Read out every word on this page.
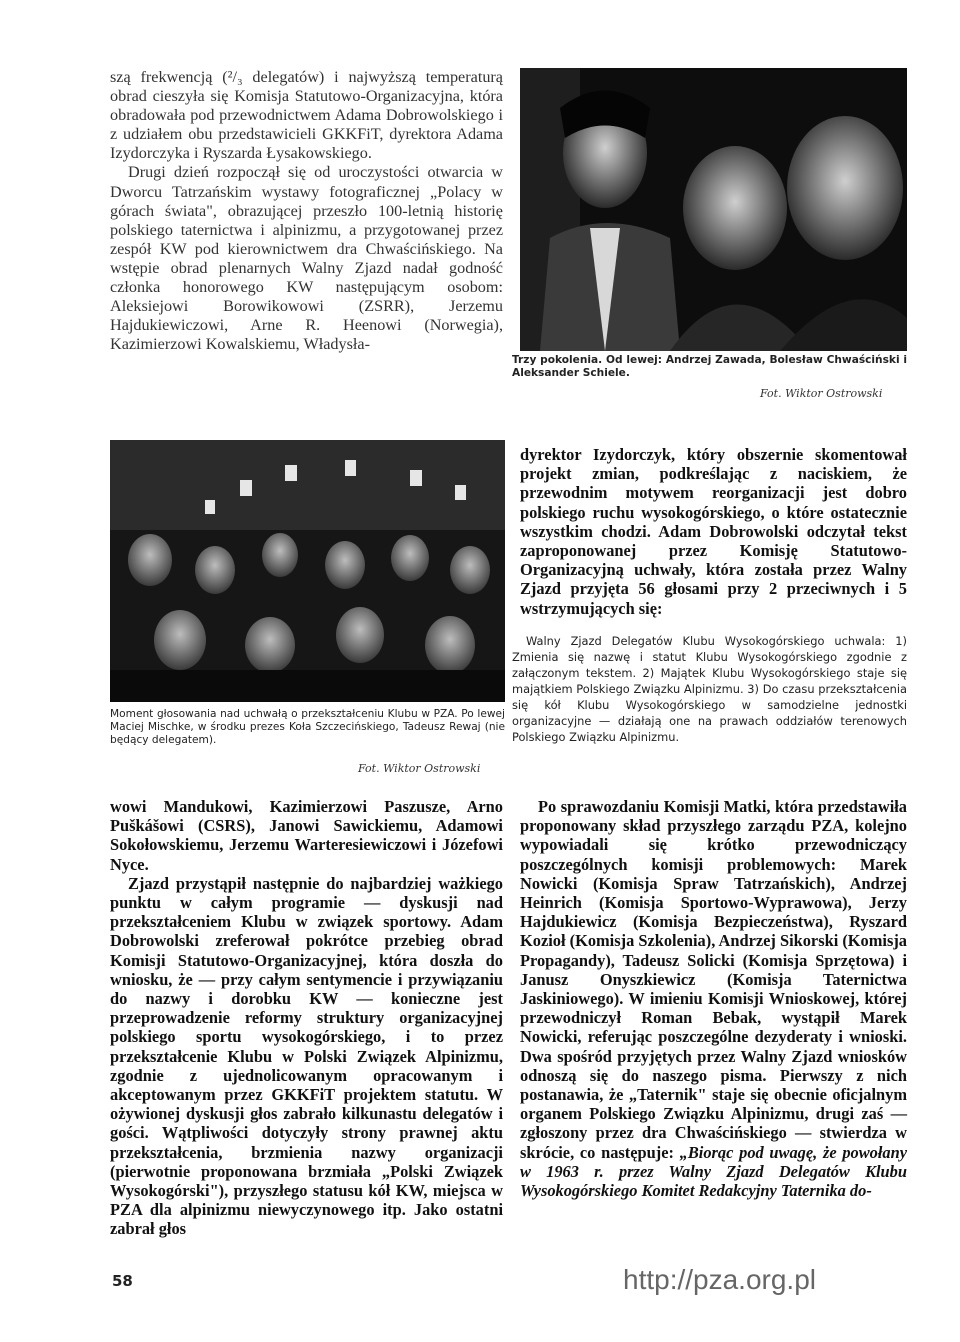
szą frekwencją (²/₃ delegatów) i najwyższą temperaturą obrad cieszyła się Komisja Statutowo-Organizacyjna, która obradowała pod przewodnictwem Adama Dobrowolskiego i z udziałem obu przedstawicieli GKKFiT, dyrektora Adama Izydorczyka i Ryszarda Łysakowskiego.

Drugi dzień rozpoczął się od uroczystości otwarcia w Dworcu Tatrzańskim wystawy fotograficznej „Polacy w górach świata", obrazującej przeszło 100-letnią historię polskiego taternictwa i alpinizmu, a przygotowanej przez zespół KW pod kierownictwem dra Chwaścińskiego. Na wstępie obrad plenarnych Walny Zjazd nadał godność członka honorowego KW następującym osobom: Aleksiejowi Borowikowowi (ZSRR), Jerzemu Hajdukiewiczowi, Arne R. Heenowi (Norwegia), Kazimierzowi Kowalskiemu, Władysła-

Trzy pokolenia. Od lewej: Andrzej Zawada, Bolesław Chwaściński i Aleksander Schiele.

Fot. Wiktor Ostrowski

Moment głosowania nad uchwałą o przekształceniu Klubu w PZA. Po lewej Maciej Mischke, w środku prezes Koła Szczecińskiego, Tadeusz Rewaj (nie będący delegatem).

Fot. Wiktor Ostrowski

dyrektor Izydorczyk, który obszernie skomentował projekt zmian, podkreślając z naciskiem, że przewodnim motywem reorganizacji jest dobro polskiego ruchu wysokogórskiego, o które ostatecznie wszystkim chodzi. Adam Dobrowolski odczytał tekst zaproponowanej przez Komisję Statutowo-Organizacyjną uchwały, która została przez Walny Zjazd przyjęta 56 głosami przy 2 przeciwnych i 5 wstrzymujących się:

Walny Zjazd Delegatów Klubu Wysokogórskiego uchwala: 1) Zmienia się nazwę i statut Klubu Wysokogórskiego zgodnie z załączonym tekstem. 2) Majątek Klubu Wysokogórskiego staje się majątkiem Polskiego Związku Alpinizmu. 3) Do czasu przekształcenia się kół Klubu Wysokogórskiego w samodzielne jednostki organizacyjne — działają one na prawach oddziałów terenowych Polskiego Związku Alpinizmu.

wowi Mandukowi, Kazimierzowi Paszusze, Arno Puškášowi (CSRS), Janowi Sawickiemu, Adamowi Sokołowskiemu, Jerzemu Warteresiewiczowi i Józefowi Nyce.

Zjazd przystąpił następnie do najbardziej ważkiego punktu w całym programie — dyskusji nad przekształceniem Klubu w związek sportowy. Adam Dobrowolski zreferował pokrótce przebieg obrad Komisji Statutowo-Organizacyjnej, która doszła do wniosku, że — przy całym sentymencie i przywiązaniu do nazwy i dorobku KW — konieczne jest przeprowadzenie reformy struktury organizacyjnej polskiego sportu wysokogórskiego, i to przez przekształcenie Klubu w Polski Związek Alpinizmu, zgodnie z ujednolicowanym opracowanym i akceptowanym przez GKKFiT projektem statutu. W ożywionej dyskusji głos zabrało kilkunastu delegatów i gości. Wątpliwości dotyczyły strony prawnej aktu przekształcenia, brzmienia nazwy organizacji (pierwotnie proponowana brzmiała „Polski Związek Wysokogórski"), przyszłego statusu kół KW, miejsca w PZA dla alpinizmu niewyczynowego itp. Jako ostatni zabrał głos

Po sprawozdaniu Komisji Matki, która przedstawiła proponowany skład przyszłego zarządu PZA, kolejno wypowiadali się krótko przewodniczący poszczególnych komisji problemowych: Marek Nowicki (Komisja Spraw Tatrzańskich), Andrzej Heinrich (Komisja Sportowo-Wyprawowa), Jerzy Hajdukiewicz (Komisja Bezpieczeństwa), Ryszard Kozioł (Komisja Szkolenia), Andrzej Sikorski (Komisja Propagandy), Tadeusz Solicki (Komisja Sprzętowa) i Janusz Onyszkiewicz (Komisja Taternictwa Jaskiniowego). W imieniu Komisji Wnioskowej, której przewodniczył Roman Bebak, wystąpił Marek Nowicki, referując poszczególne dezyderaty i wnioski. Dwa spośród przyjętych przez Walny Zjazd wniosków odnoszą się do naszego pisma. Pierwszy z nich postanawia, że „Taternik" staje się obecnie oficjalnym organem Polskiego Związku Alpinizmu, drugi zaś — zgłoszony przez dra Chwaścińskiego — stwierdza w skrócie, co następuje: „Biorąc pod uwagę, że powołany w 1963 r. przez Walny Zjazd Delegatów Klubu Wysokogórskiego Komitet Redakcyjny Taternika do-

58	http://pza.org.pl
